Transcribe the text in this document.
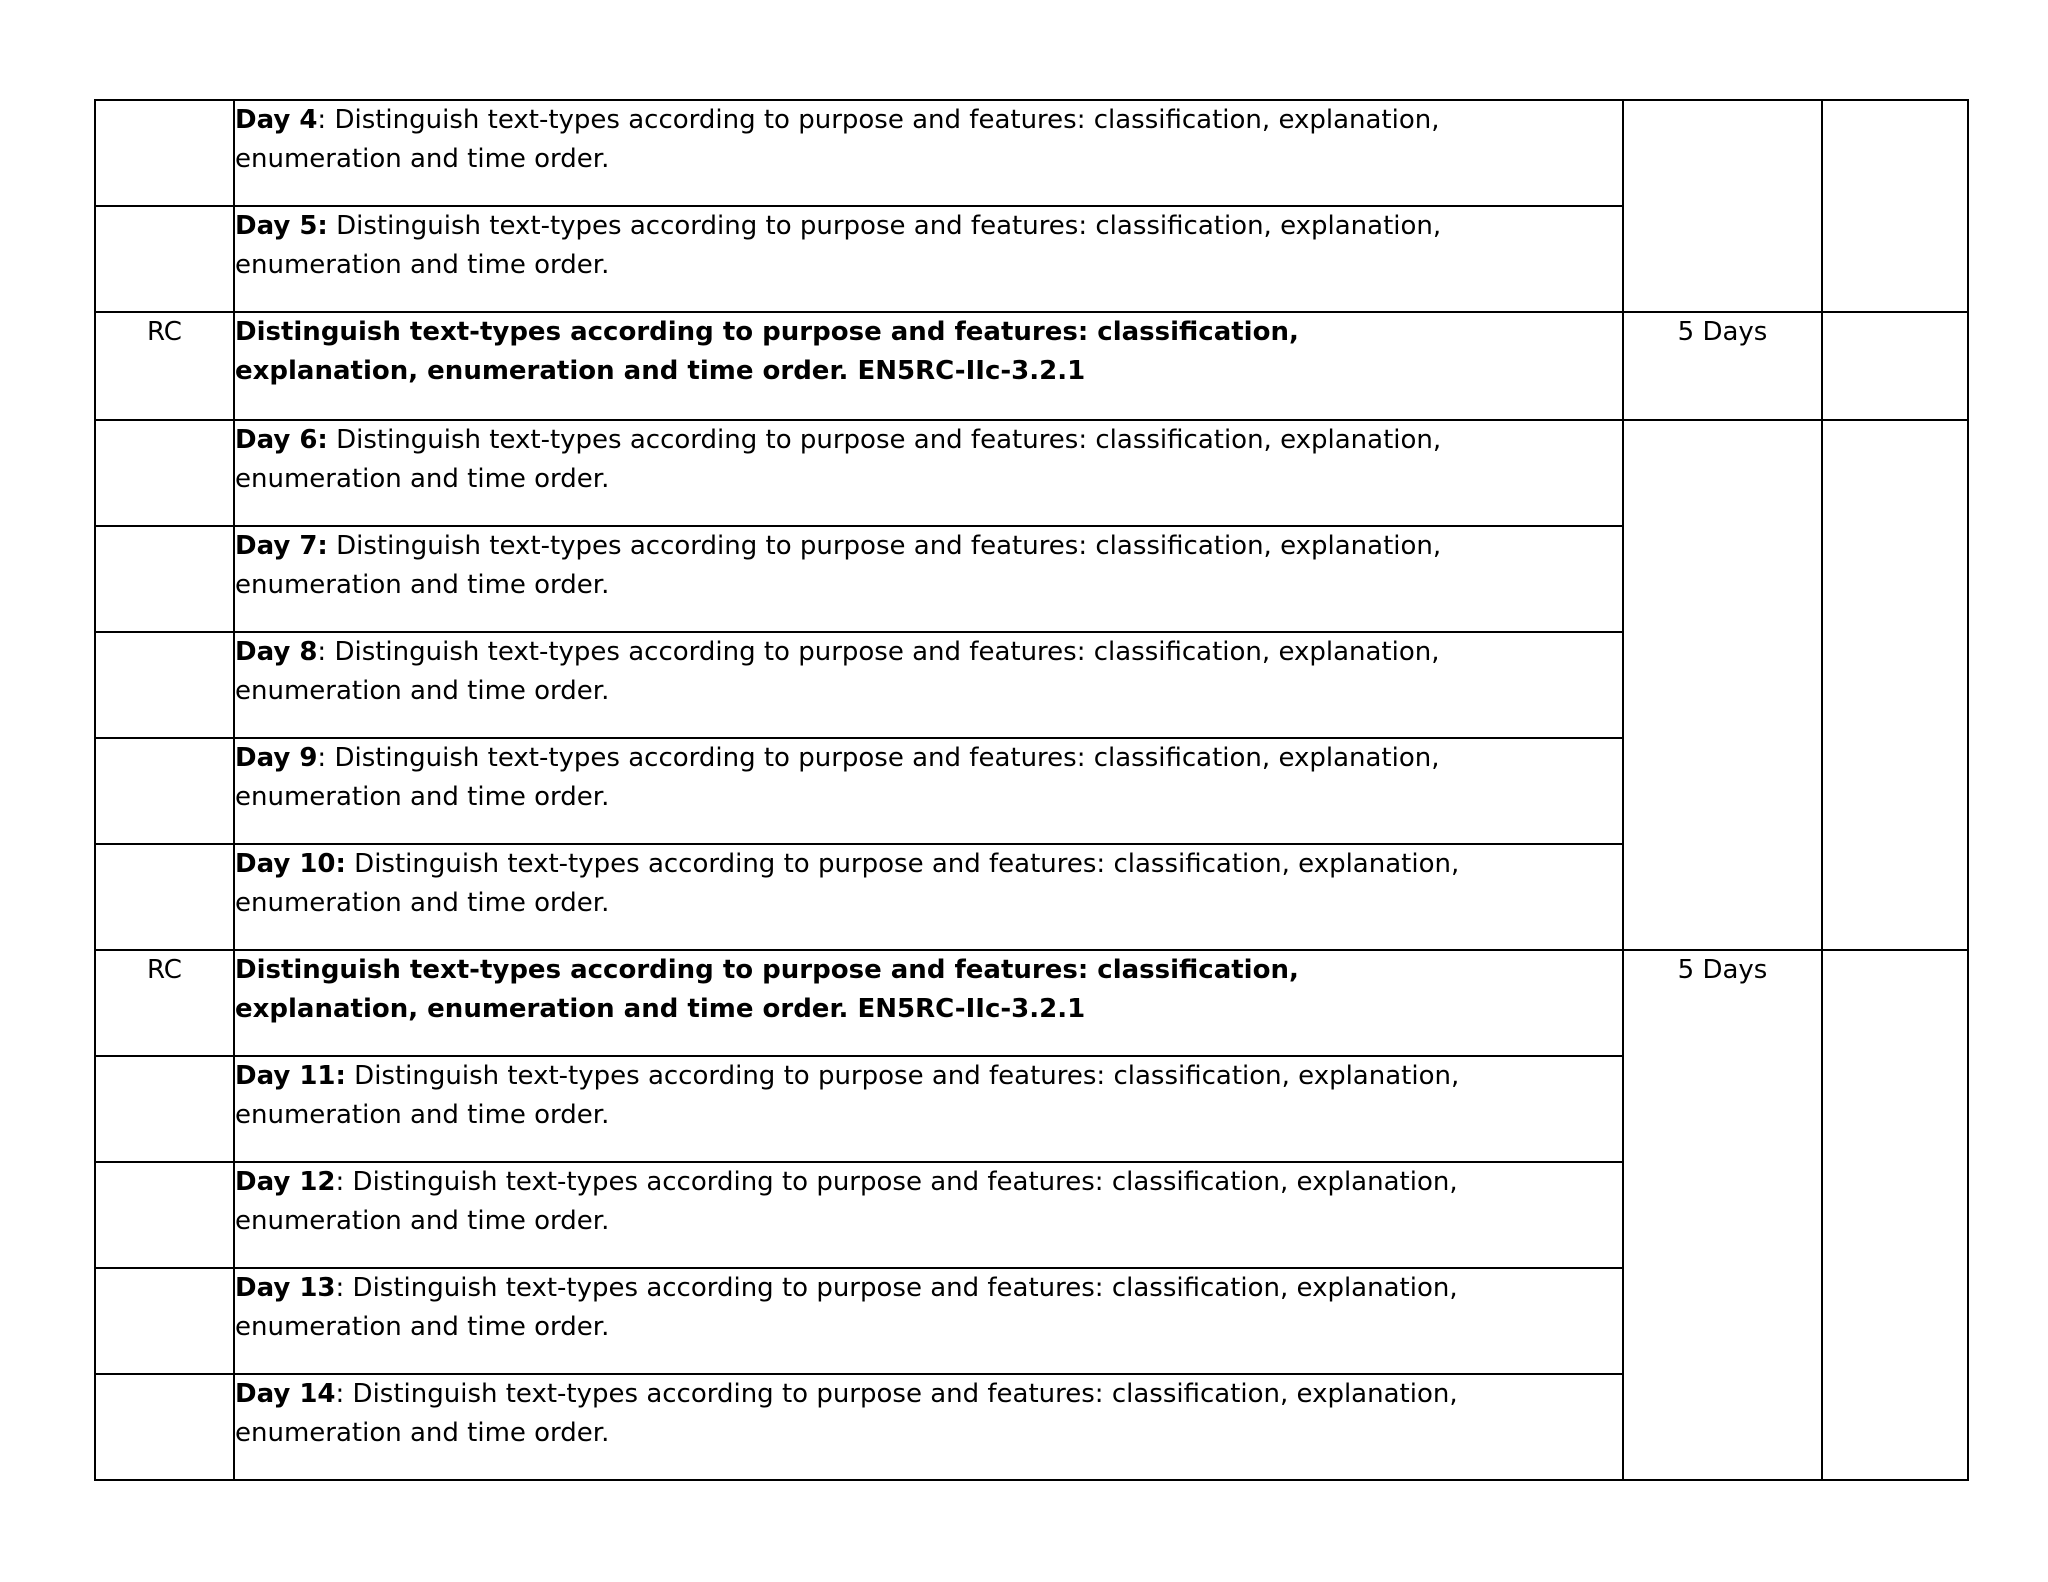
	Day 4: Distinguish text-types according to purpose and features: classification, explanation,
enumeration and time order.		

	Day 5: Distinguish text-types according to purpose and features: classification, explanation,
enumeration and time order.		

RC	Distinguish text-types according to purpose and features: classification,
explanation, enumeration and time order. EN5RC-IIc-3.2.1	5 Days	

	Day 6: Distinguish text-types according to purpose and features: classification, explanation,
enumeration and time order.		

	Day 7: Distinguish text-types according to purpose and features: classification, explanation,
enumeration and time order.		

	Day 8: Distinguish text-types according to purpose and features: classification, explanation,
enumeration and time order.		

	Day 9: Distinguish text-types according to purpose and features: classification, explanation,
enumeration and time order.		

	Day 10: Distinguish text-types according to purpose and features: classification, explanation,
enumeration and time order.		

RC	Distinguish text-types according to purpose and features: classification,
explanation, enumeration and time order. EN5RC-IIc-3.2.1	5 Days	

	Day 11: Distinguish text-types according to purpose and features: classification, explanation,
enumeration and time order.		

	Day 12: Distinguish text-types according to purpose and features: classification, explanation,
enumeration and time order.		

	Day 13: Distinguish text-types according to purpose and features: classification, explanation,
enumeration and time order.		

	Day 14: Distinguish text-types according to purpose and features: classification, explanation,
enumeration and time order.		
